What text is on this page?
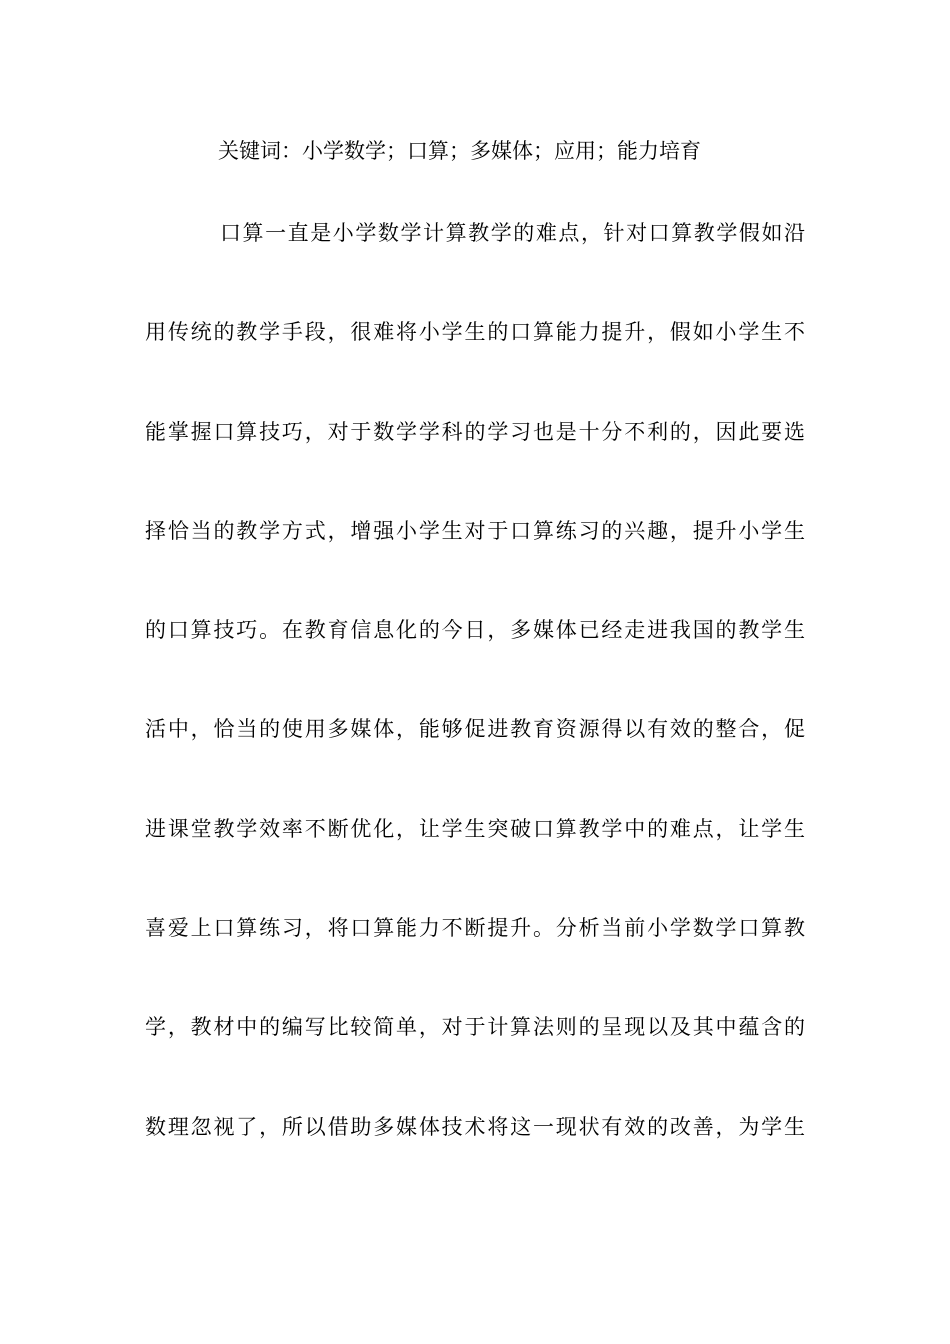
关键词：小学数学；口算；多媒体；应用；能力培育
口算一直是小学数学计算教学的难点，针对口算教学假如沿
用传统的教学手段，很难将小学生的口算能力提升，假如小学生不
能掌握口算技巧，对于数学学科的学习也是十分不利的，因此要选
择恰当的教学方式，增强小学生对于口算练习的兴趣，提升小学生
的口算技巧。在教育信息化的今日，多媒体已经走进我国的教学生
活中，恰当的使用多媒体，能够促进教育资源得以有效的整合，促
进课堂教学效率不断优化，让学生突破口算教学中的难点，让学生
喜爱上口算练习，将口算能力不断提升。分析当前小学数学口算教
学，教材中的编写比较简单，对于计算法则的呈现以及其中蕴含的
数理忽视了，所以借助多媒体技术将这一现状有效的改善，为学生
